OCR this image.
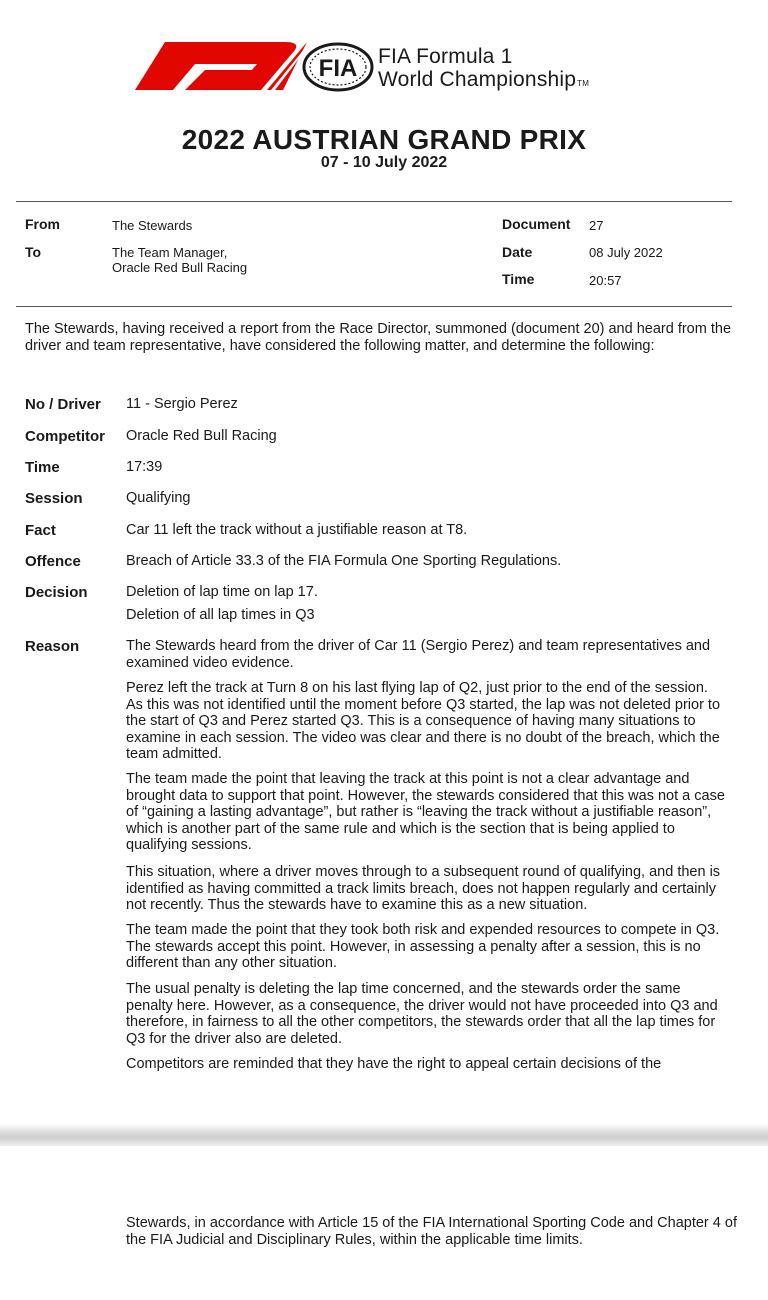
FIA FIA Formula 1
World ChampionshipTM
2022 AUSTRIAN GRAND PRIX
07 - 10 July 2022
From	The Stewards
To	The Team Manager,
Oracle Red Bull Racing
Document 27
Date	08 July 2022
Time	20:57
The Stewards, having received a report from the Race Director, summoned (document 20) and heard from the driver and team representative, have considered the following matter, and determine the following:
No / Driver 11 - Sergio Perez
Competitor Oracle Red Bull Racing
Time	17:39
Session	Qualifying
Fact	Car 11 left the track without a justifiable reason at T8.
Offence	Breach of Article 33.3 of the FIA Formula One Sporting Regulations.
Decision	Deletion of lap time on lap 17.
Deletion of all lap times in Q3
Reason	The Stewards heard from the driver of Car 11 (Sergio Perez) and team representatives and examined video evidence.
Perez left the track at Turn 8 on his last flying lap of Q2, just prior to the end of the session. As this was not identified until the moment before Q3 started, the lap was not deleted prior to the start of Q3 and Perez started Q3. This is a consequence of having many situations to examine in each session. The video was clear and there is no doubt of the breach, which the team admitted.
The team made the point that leaving the track at this point is not a clear advantage and brought data to support that point. However, the stewards considered that this was not a case of “gaining a lasting advantage”, but rather is “leaving the track without a justifiable reason”, which is another part of the same rule and which is the section that is being applied to qualifying sessions.
This situation, where a driver moves through to a subsequent round of qualifying, and then is identified as having committed a track limits breach, does not happen regularly and certainly not recently. Thus the stewards have to examine this as a new situation.
The team made the point that they took both risk and expended resources to compete in Q3. The stewards accept this point. However, in assessing a penalty after a session, this is no different than any other situation.
The usual penalty is deleting the lap time concerned, and the stewards order the same penalty here. However, as a consequence, the driver would not have proceeded into Q3 and therefore, in fairness to all the other competitors, the stewards order that all the lap times for Q3 for the driver also are deleted.
Competitors are reminded that they have the right to appeal certain decisions of the
Stewards, in accordance with Article 15 of the FIA International Sporting Code and Chapter 4 of the FIA Judicial and Disciplinary Rules, within the applicable time limits.
